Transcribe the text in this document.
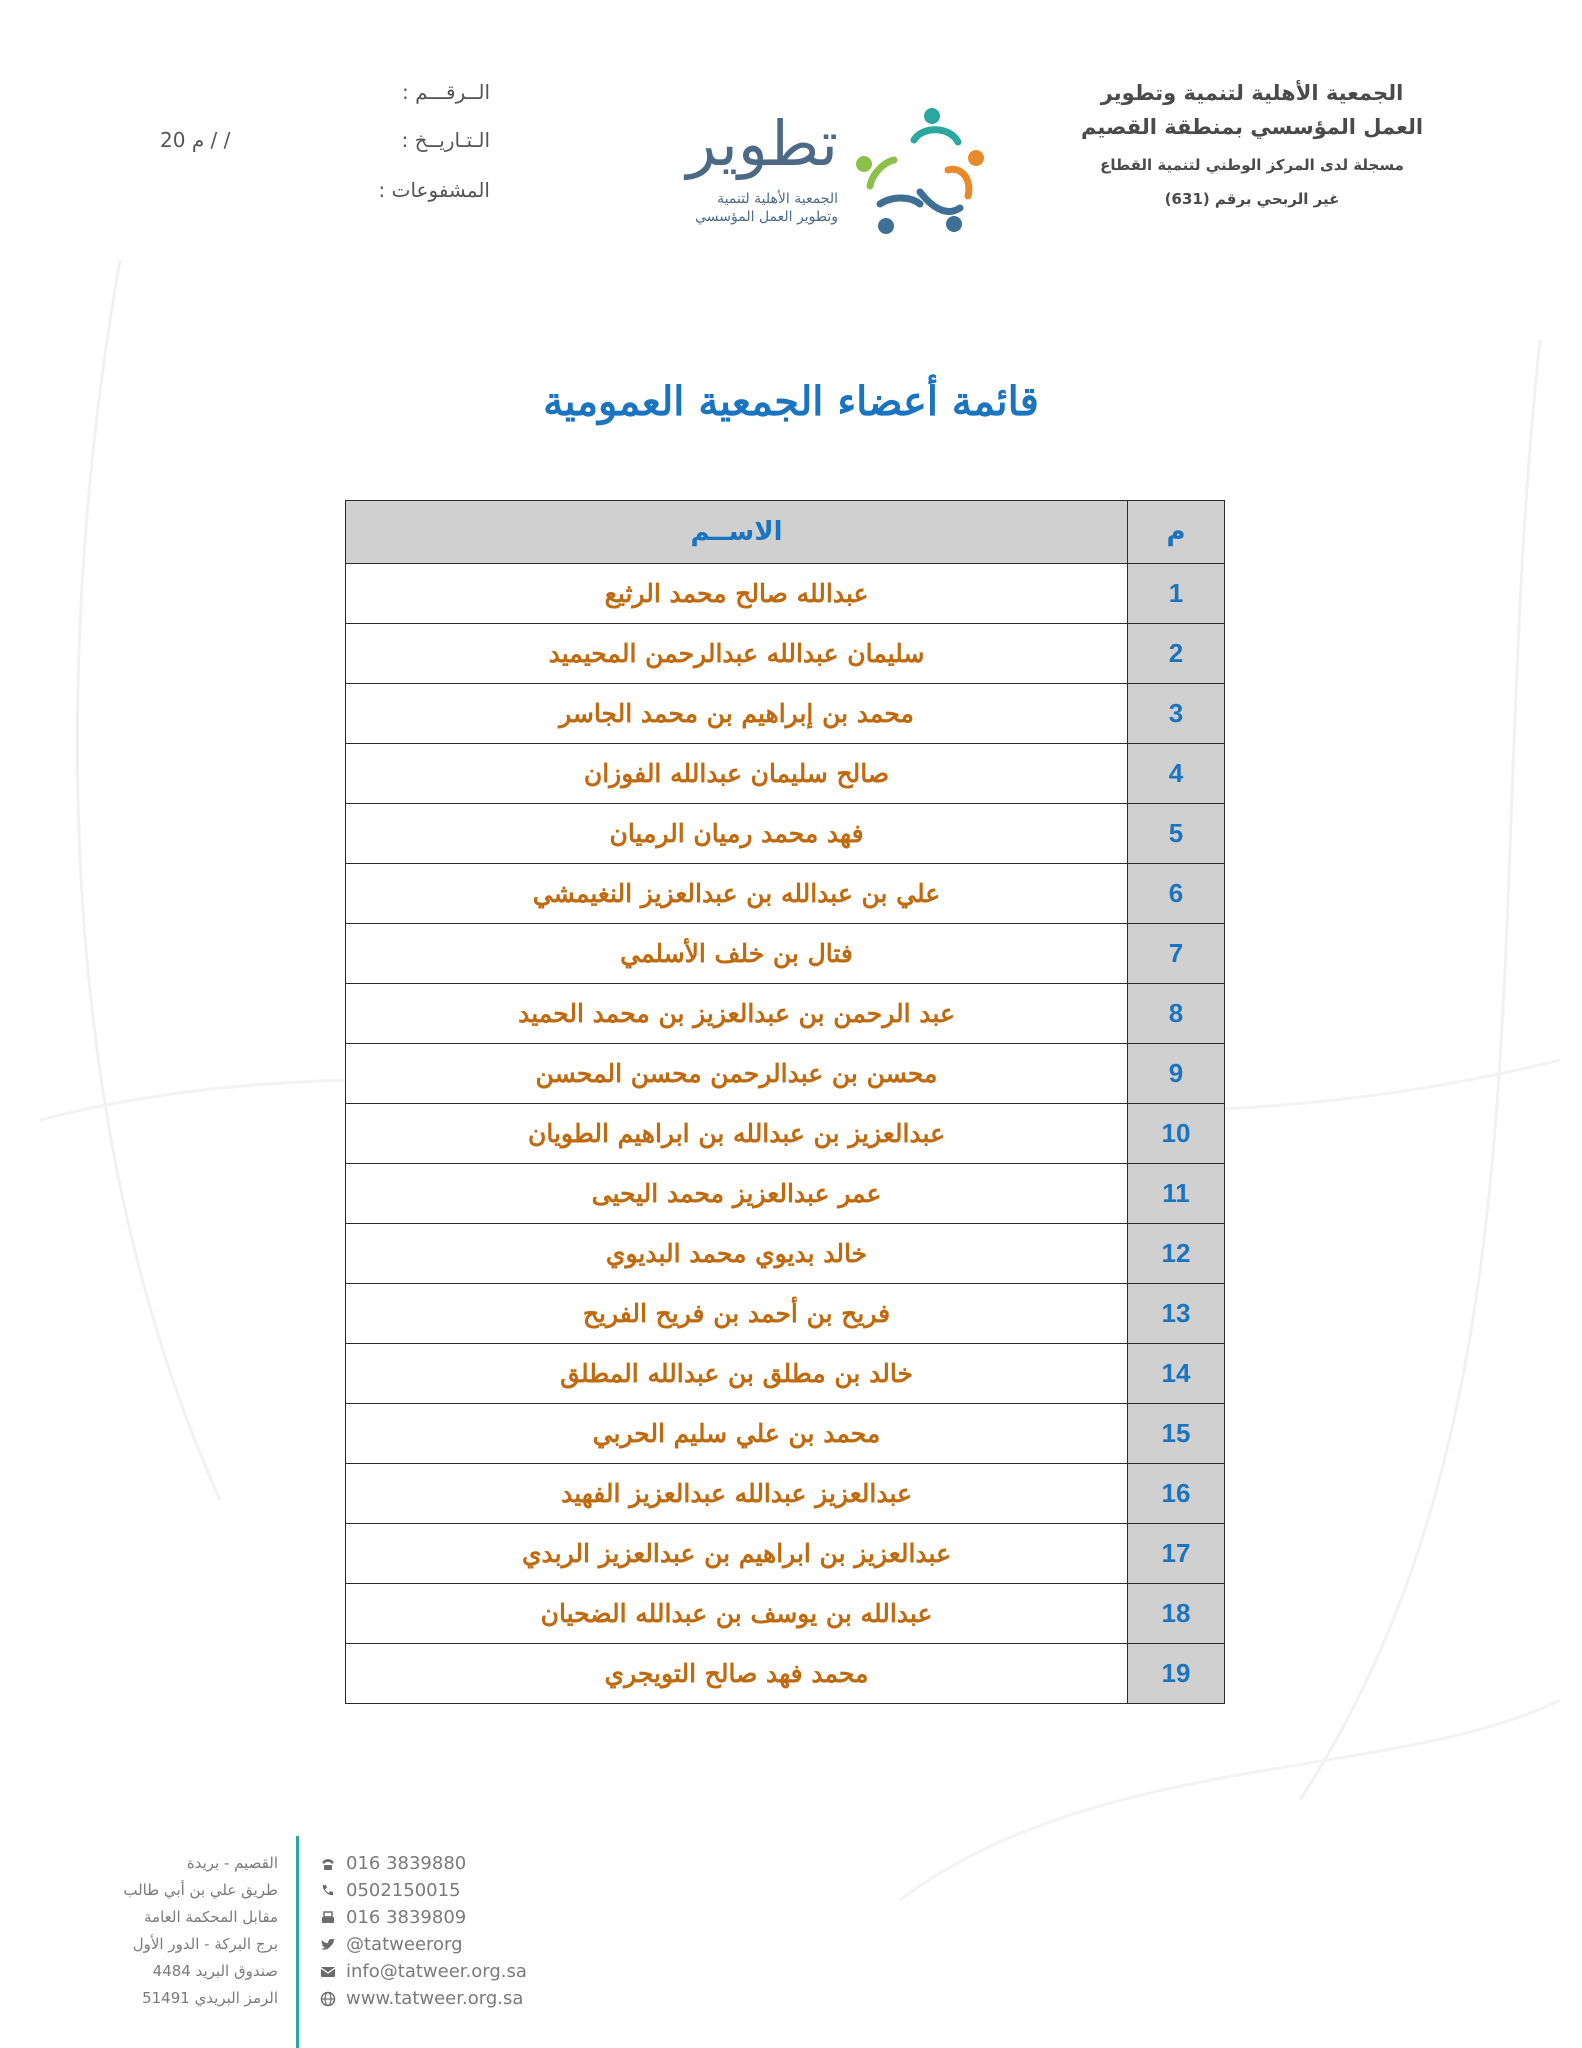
الجمعية الأهلية لتنمية وتطوير
العمل المؤسسي بمنطقة القصيم
مسجلة لدى المركز الوطني لتنمية القطاع
غير الربحي برقم (631)
تطوير
الجمعية الأهلية لتنمية
وتطوير العمل المؤسسي
الــرقـــم :
الـتـاريــخ :
20 م / /
المشفوعات :
قائمة أعضاء الجمعية العمومية
م	الاســم
1	عبدالله صالح محمد الرثيع
2	سليمان عبدالله عبدالرحمن المحيميد
3	محمد بن إبراهيم بن محمد الجاسر
4	صالح سليمان عبدالله الفوزان
5	فهد محمد رميان الرميان
6	علي بن عبدالله بن عبدالعزيز النغيمشي
7	فتال بن خلف الأسلمي
8	عبد الرحمن بن عبدالعزيز بن محمد الحميد
9	محسن بن عبدالرحمن محسن المحسن
10	عبدالعزيز بن عبدالله بن ابراهيم الطويان
11	عمر عبدالعزيز محمد اليحيى
12	خالد بديوي محمد البديوي
13	فريح بن أحمد بن فريح الفريح
14	خالد بن مطلق بن عبدالله المطلق
15	محمد بن علي سليم الحربي
16	عبدالعزيز عبدالله عبدالعزيز الفهيد
17	عبدالعزيز بن ابراهيم بن عبدالعزيز الربدي
18	عبدالله بن يوسف بن عبدالله الضحيان
19	محمد فهد صالح التويجري
القصيم - بريدة
طريق علي بن أبي طالب
مقابل المحكمة العامة
برج البركة - الدور الأول
صندوق البريد 4484
الرمز البريدي 51491
016 3839880
0502150015
016 3839809
@tatweerorg
info@tatweer.org.sa
www.tatweer.org.sa
